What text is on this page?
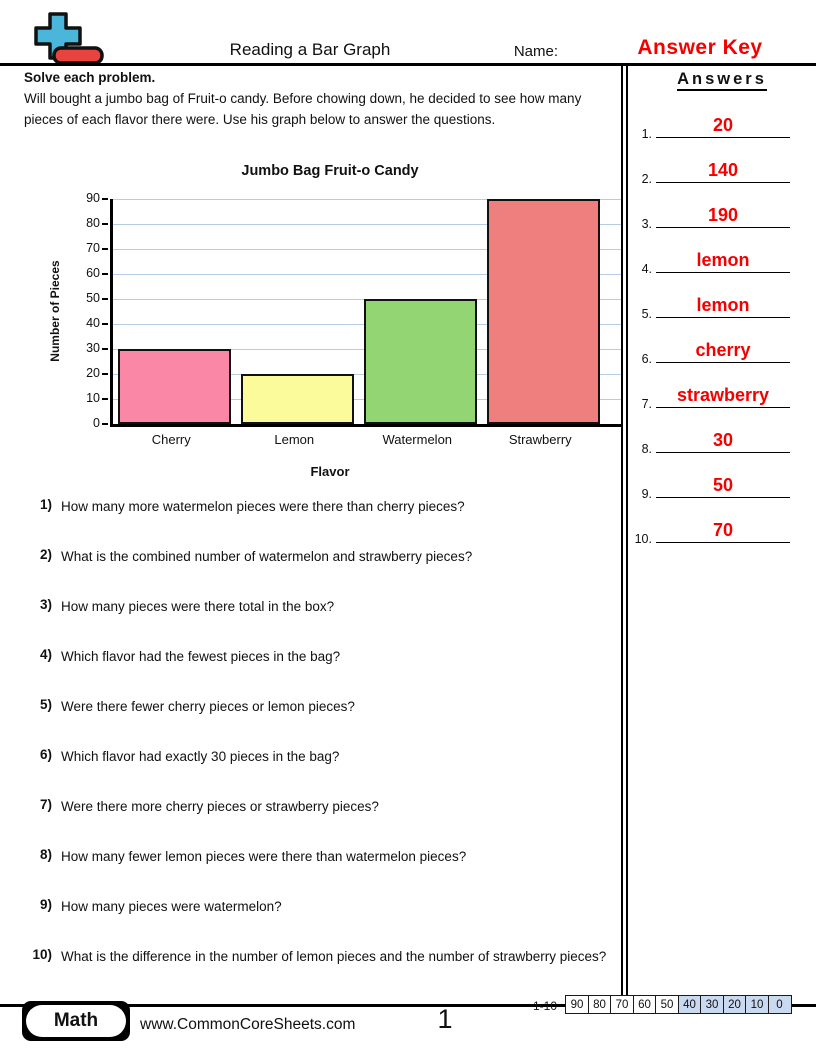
Reading a Bar Graph	Name:	Answer Key
Solve each problem.
Will bought a jumbo bag of Fruit-o candy. Before chowing down, he decided to see how many pieces of each flavor there were. Use his graph below to answer the questions.
Jumbo Bag Fruit-o Candy
Number of Pieces
90
80
70
60
50
40
30
20
10
0
Cherry	Lemon	Watermelon	Strawberry
Flavor
1) How many more watermelon pieces were there than cherry pieces?
2) What is the combined number of watermelon and strawberry pieces?
3) How many pieces were there total in the box?
4) Which flavor had the fewest pieces in the bag?
5) Were there fewer cherry pieces or lemon pieces?
6) Which flavor had exactly 30 pieces in the bag?
7) Were there more cherry pieces or strawberry pieces?
8) How many fewer lemon pieces were there than watermelon pieces?
9) How many pieces were watermelon?
10) What is the difference in the number of lemon pieces and the number of strawberry pieces?
Answers
1.	20
2.	140
3.	190
4.	lemon
5.	lemon
6.	cherry
7.	strawberry
8.	30
9.	50
10.	70
Math	www.CommonCoreSheets.com	1	1-10	90 80 70 60 50 40 30 20 10	0
